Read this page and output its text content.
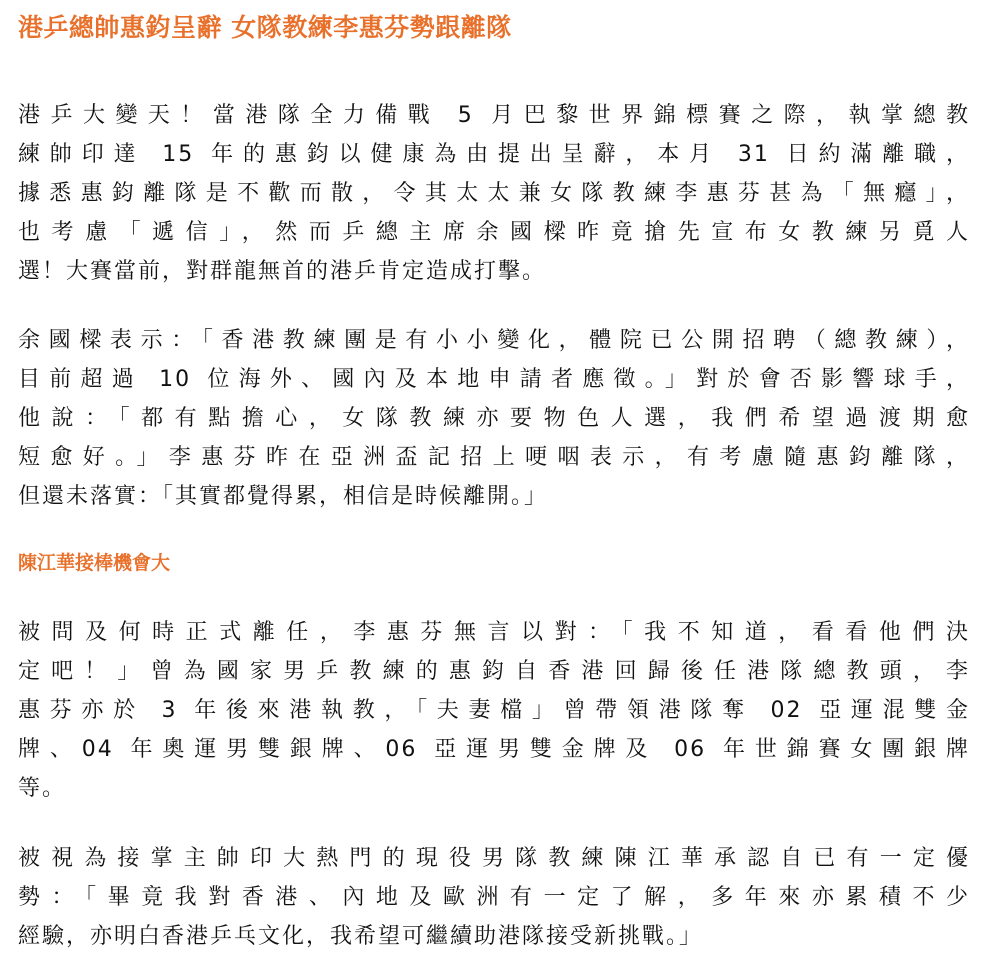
港乒總帥惠鈞呈辭 女隊教練李惠芬勢跟離隊
港乒大變天！當港隊全力備戰 5 月巴黎世界錦標賽之際，執掌總教
練帥印達 15 年的惠鈞以健康為由提出呈辭，本月 31 日約滿離職，
據悉惠鈞離隊是不歡而散，令其太太兼女隊教練李惠芬甚為「無癮」，
也考慮「遞信」，然而乒總主席余國樑昨竟搶先宣布女教練另覓人
選！大賽當前，對群龍無首的港乒肯定造成打擊。
余國樑表示：「香港教練團是有小小變化，體院已公開招聘（總教練），
目前超過 10 位海外、國內及本地申請者應徵。」對於會否影響球手，
他說：「都有點擔心，女隊教練亦要物色人選，我們希望過渡期愈
短愈好。」李惠芬昨在亞洲盃記招上哽咽表示，有考慮隨惠鈞離隊，
但還未落實：「其實都覺得累，相信是時候離開。」
陳江華接棒機會大
被問及何時正式離任，李惠芬無言以對：「我不知道，看看他們決
定吧！」曾為國家男乒教練的惠鈞自香港回歸後任港隊總教頭，李
惠芬亦於 3 年後來港執教，「夫妻檔」曾帶領港隊奪 02 亞運混雙金
牌、04 年奧運男雙銀牌、06 亞運男雙金牌及 06 年世錦賽女團銀牌
等。
被視為接掌主帥印大熱門的現役男隊教練陳江華承認自已有一定優
勢：「畢竟我對香港、內地及歐洲有一定了解，多年來亦累積不少
經驗，亦明白香港乒乓文化，我希望可繼續助港隊接受新挑戰。」
